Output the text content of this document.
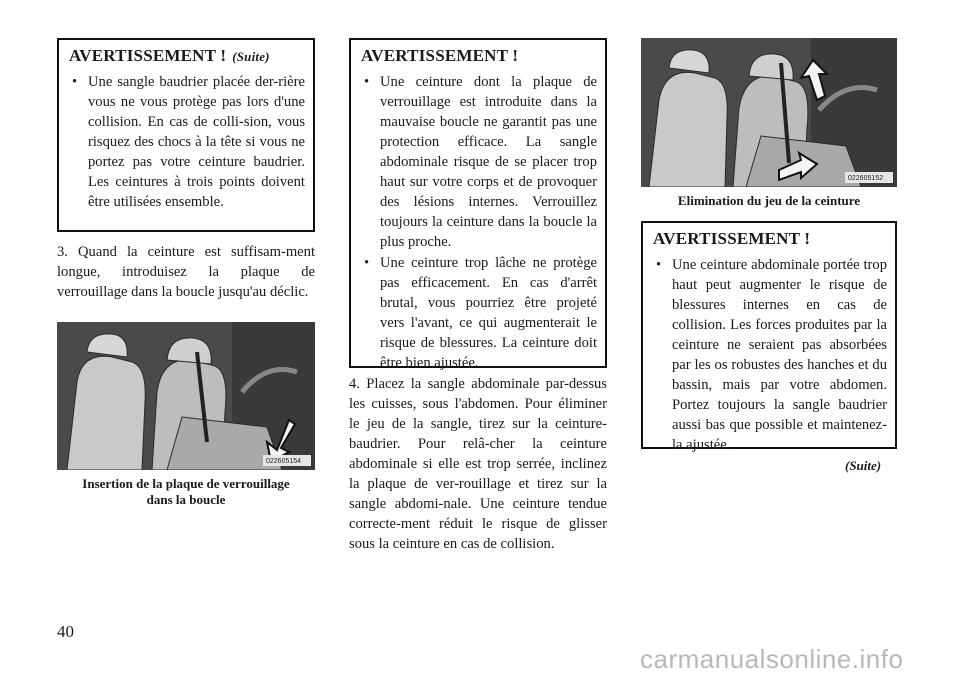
AVERTISSEMENT ! (Suite)
• Une sangle baudrier placée der-rière vous ne vous protège pas lors d'une collision. En cas de colli-sion, vous risquez des chocs à la tête si vous ne portez pas votre ceinture baudrier. Les ceintures à trois points doivent être utilisées ensemble.
3. Quand la ceinture est suffisam-ment longue, introduisez la plaque de verrouillage dans la boucle jusqu'au déclic.
022605154
Insertion de la plaque de verrouillage
dans la boucle
AVERTISSEMENT !
• Une ceinture dont la plaque de verrouillage est introduite dans la mauvaise boucle ne garantit pas une protection efficace. La sangle abdominale risque de se placer trop haut sur votre corps et de provoquer des lésions internes. Verrouillez toujours la ceinture dans la boucle la plus proche.
• Une ceinture trop lâche ne protège pas efficacement. En cas d'arrêt brutal, vous pourriez être projeté vers l'avant, ce qui augmenterait le risque de blessures. La ceinture doit être bien ajustée.
4. Placez la sangle abdominale par-dessus les cuisses, sous l'abdomen. Pour éliminer le jeu de la sangle, tirez sur la ceinture-baudrier. Pour relâ-cher la ceinture abdominale si elle est trop serrée, inclinez la plaque de ver-rouillage et tirez sur la sangle abdomi-nale. Une ceinture tendue correcte-ment réduit le risque de glisser sous la ceinture en cas de collision.
022605152
Elimination du jeu de la ceinture
AVERTISSEMENT !
• Une ceinture abdominale portée trop haut peut augmenter le risque de blessures internes en cas de collision. Les forces produites par la ceinture ne seraient pas absorbées par les os robustes des hanches et du bassin, mais par votre abdomen. Portez toujours la sangle baudrier aussi bas que possible et maintenez-la ajustée.
(Suite)
40
carmanualsonline.info
